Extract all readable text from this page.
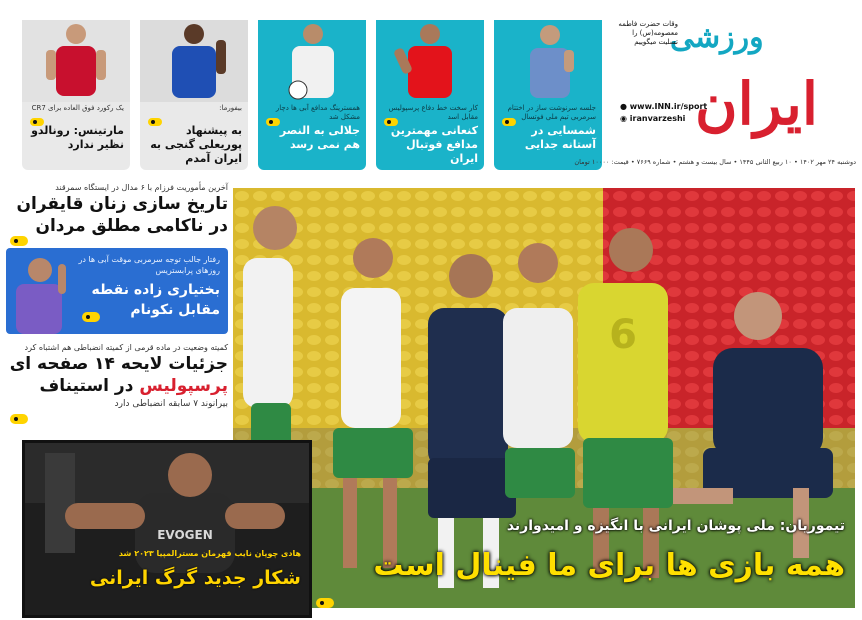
یک رکورد فوق العاده برای CR7
مارتینس: رونالدو نظیر ندارد
بیفورما:
به پیشنهاد پوریعلی گنجی به ایران آمدم
همسترینگ مدافع آبی ها دچار مشکل شد
جلالی به النصر هم نمی رسد
کار سخت خط دفاع پرسپولیس مقابل اسد
کنعانی مهمترین مدافع فوتبال ایران
جلسه سرنوشت ساز در اختتام سرمربی تیم ملی فوتسال
شمسایی در آستانه جدایی
ورزشی
ایران
وقات حضرت فاطمه معصومه(س) را تسلیت میگوییم
● www.INN.ir/sport
◉ iranvarzeshi
دوشنبه ۲۴ مهر ۱۴۰۲ • ۱۰ ربیع الثانی ۱۴۴۵ • سال بیست و هشتم • شماره ۷۶۶۹ • قیمت: ۱۰۰۰۰ تومان
آخرین مأموریت فرزام با ۶ مدال در ایستگاه سمرقند
تاریخ سازی زنان قایقران
در ناکامی مطلق مردان
رفتار جالب توجه سرمربی موقت آبی ها در روزهای پرابستریس
بختیاری زاده نقطه
مقابل نکونام
کمیته وضعیت در ماده قرمی از کمیته انضباطی هم اشتباه کرد
جزئیات لایحه ۱۴ صفحه ای
پرسپولیس در استیناف
بیرانوند ۷ سابقه انضباطی دارد
6
تیموریان: ملی پوشان ایرانی با انگیزه و امیدوارند
همه بازی ها برای ما فینال است
EVOGEN
هادی چوپان نایب قهرمان مسترالمپیا ۲۰۲۳ شد
شکار جدید گرگ ایرانی
